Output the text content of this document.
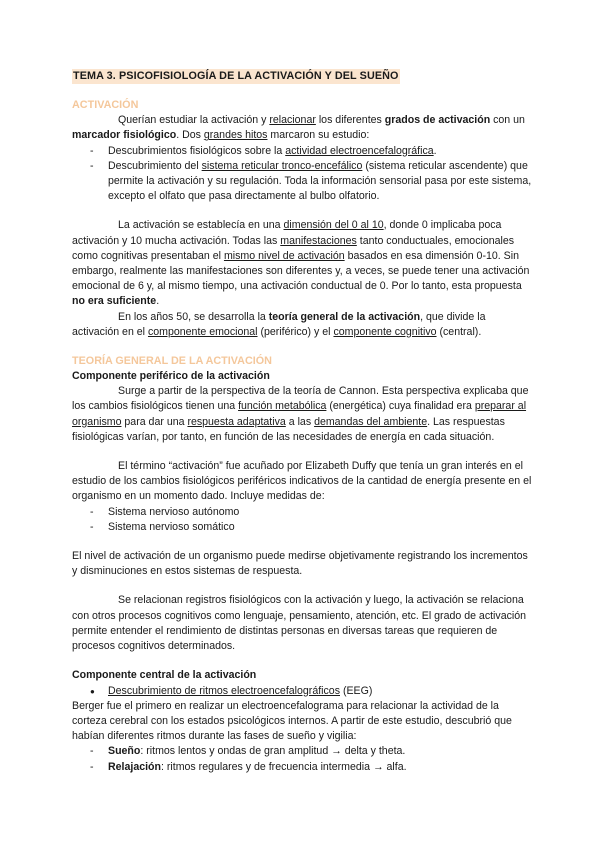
TEMA 3. PSICOFISIOLOGÍA DE LA ACTIVACIÓN Y DEL SUEÑO
ACTIVACIÓN

Querían estudiar la activación y relacionar los diferentes grados de activación con un marcador fisiológico. Dos grandes hitos marcaron su estudio:

- Descubrimientos fisiológicos sobre la actividad electroencefalográfica.
- Descubrimiento del sistema reticular tronco-encefálico (sistema reticular ascendente) que permite la activación y su regulación. Toda la información sensorial pasa por este sistema, excepto el olfato que pasa directamente al bulbo olfatorio.

La activación se establecía en una dimensión del 0 al 10, donde 0 implicaba poca activación y 10 mucha activación. Todas las manifestaciones tanto conductuales, emocionales como cognitivas presentaban el mismo nivel de activación basados en esa dimensión 0-10. Sin embargo, realmente las manifestaciones son diferentes y, a veces, se puede tener una activación emocional de 6 y, al mismo tiempo, una activación conductual de 0. Por lo tanto, esta propuesta no era suficiente.

En los años 50, se desarrolla la teoría general de la activación, que divide la activación en el componente emocional (periférico) y el componente cognitivo (central).

TEORÍA GENERAL DE LA ACTIVACIÓN
Componente periférico de la activación

Surge a partir de la perspectiva de la teoría de Cannon. Esta perspectiva explicaba que los cambios fisiológicos tienen una función metabólica (energética) cuya finalidad era preparar al organismo para dar una respuesta adaptativa a las demandas del ambiente. Las respuestas fisiológicas varían, por tanto, en función de las necesidades de energía en cada situación.

El término “activación” fue acuñado por Elizabeth Duffy que tenía un gran interés en el estudio de los cambios fisiológicos periféricos indicativos de la cantidad de energía presente en el organismo en un momento dado. Incluye medidas de:

- Sistema nervioso autónomo
- Sistema nervioso somático

El nivel de activación de un organismo puede medirse objetivamente registrando los incrementos y disminuciones en estos sistemas de respuesta.

Se relacionan registros fisiológicos con la activación y luego, la activación se relaciona con otros procesos cognitivos como lenguaje, pensamiento, atención, etc. El grado de activación permite entender el rendimiento de distintas personas en diversas tareas que requieren de procesos cognitivos determinados.

Componente central de la activación
● Descubrimiento de ritmos electroencefalográficos (EEG)

Berger fue el primero en realizar un electroencefalograma para relacionar la actividad de la corteza cerebral con los estados psicológicos internos. A partir de este estudio, descubrió que habían diferentes ritmos durante las fases de sueño y vigilia:

- Sueño: ritmos lentos y ondas de gran amplitud → delta y theta.
- Relajación: ritmos regulares y de frecuencia intermedia → alfa.
